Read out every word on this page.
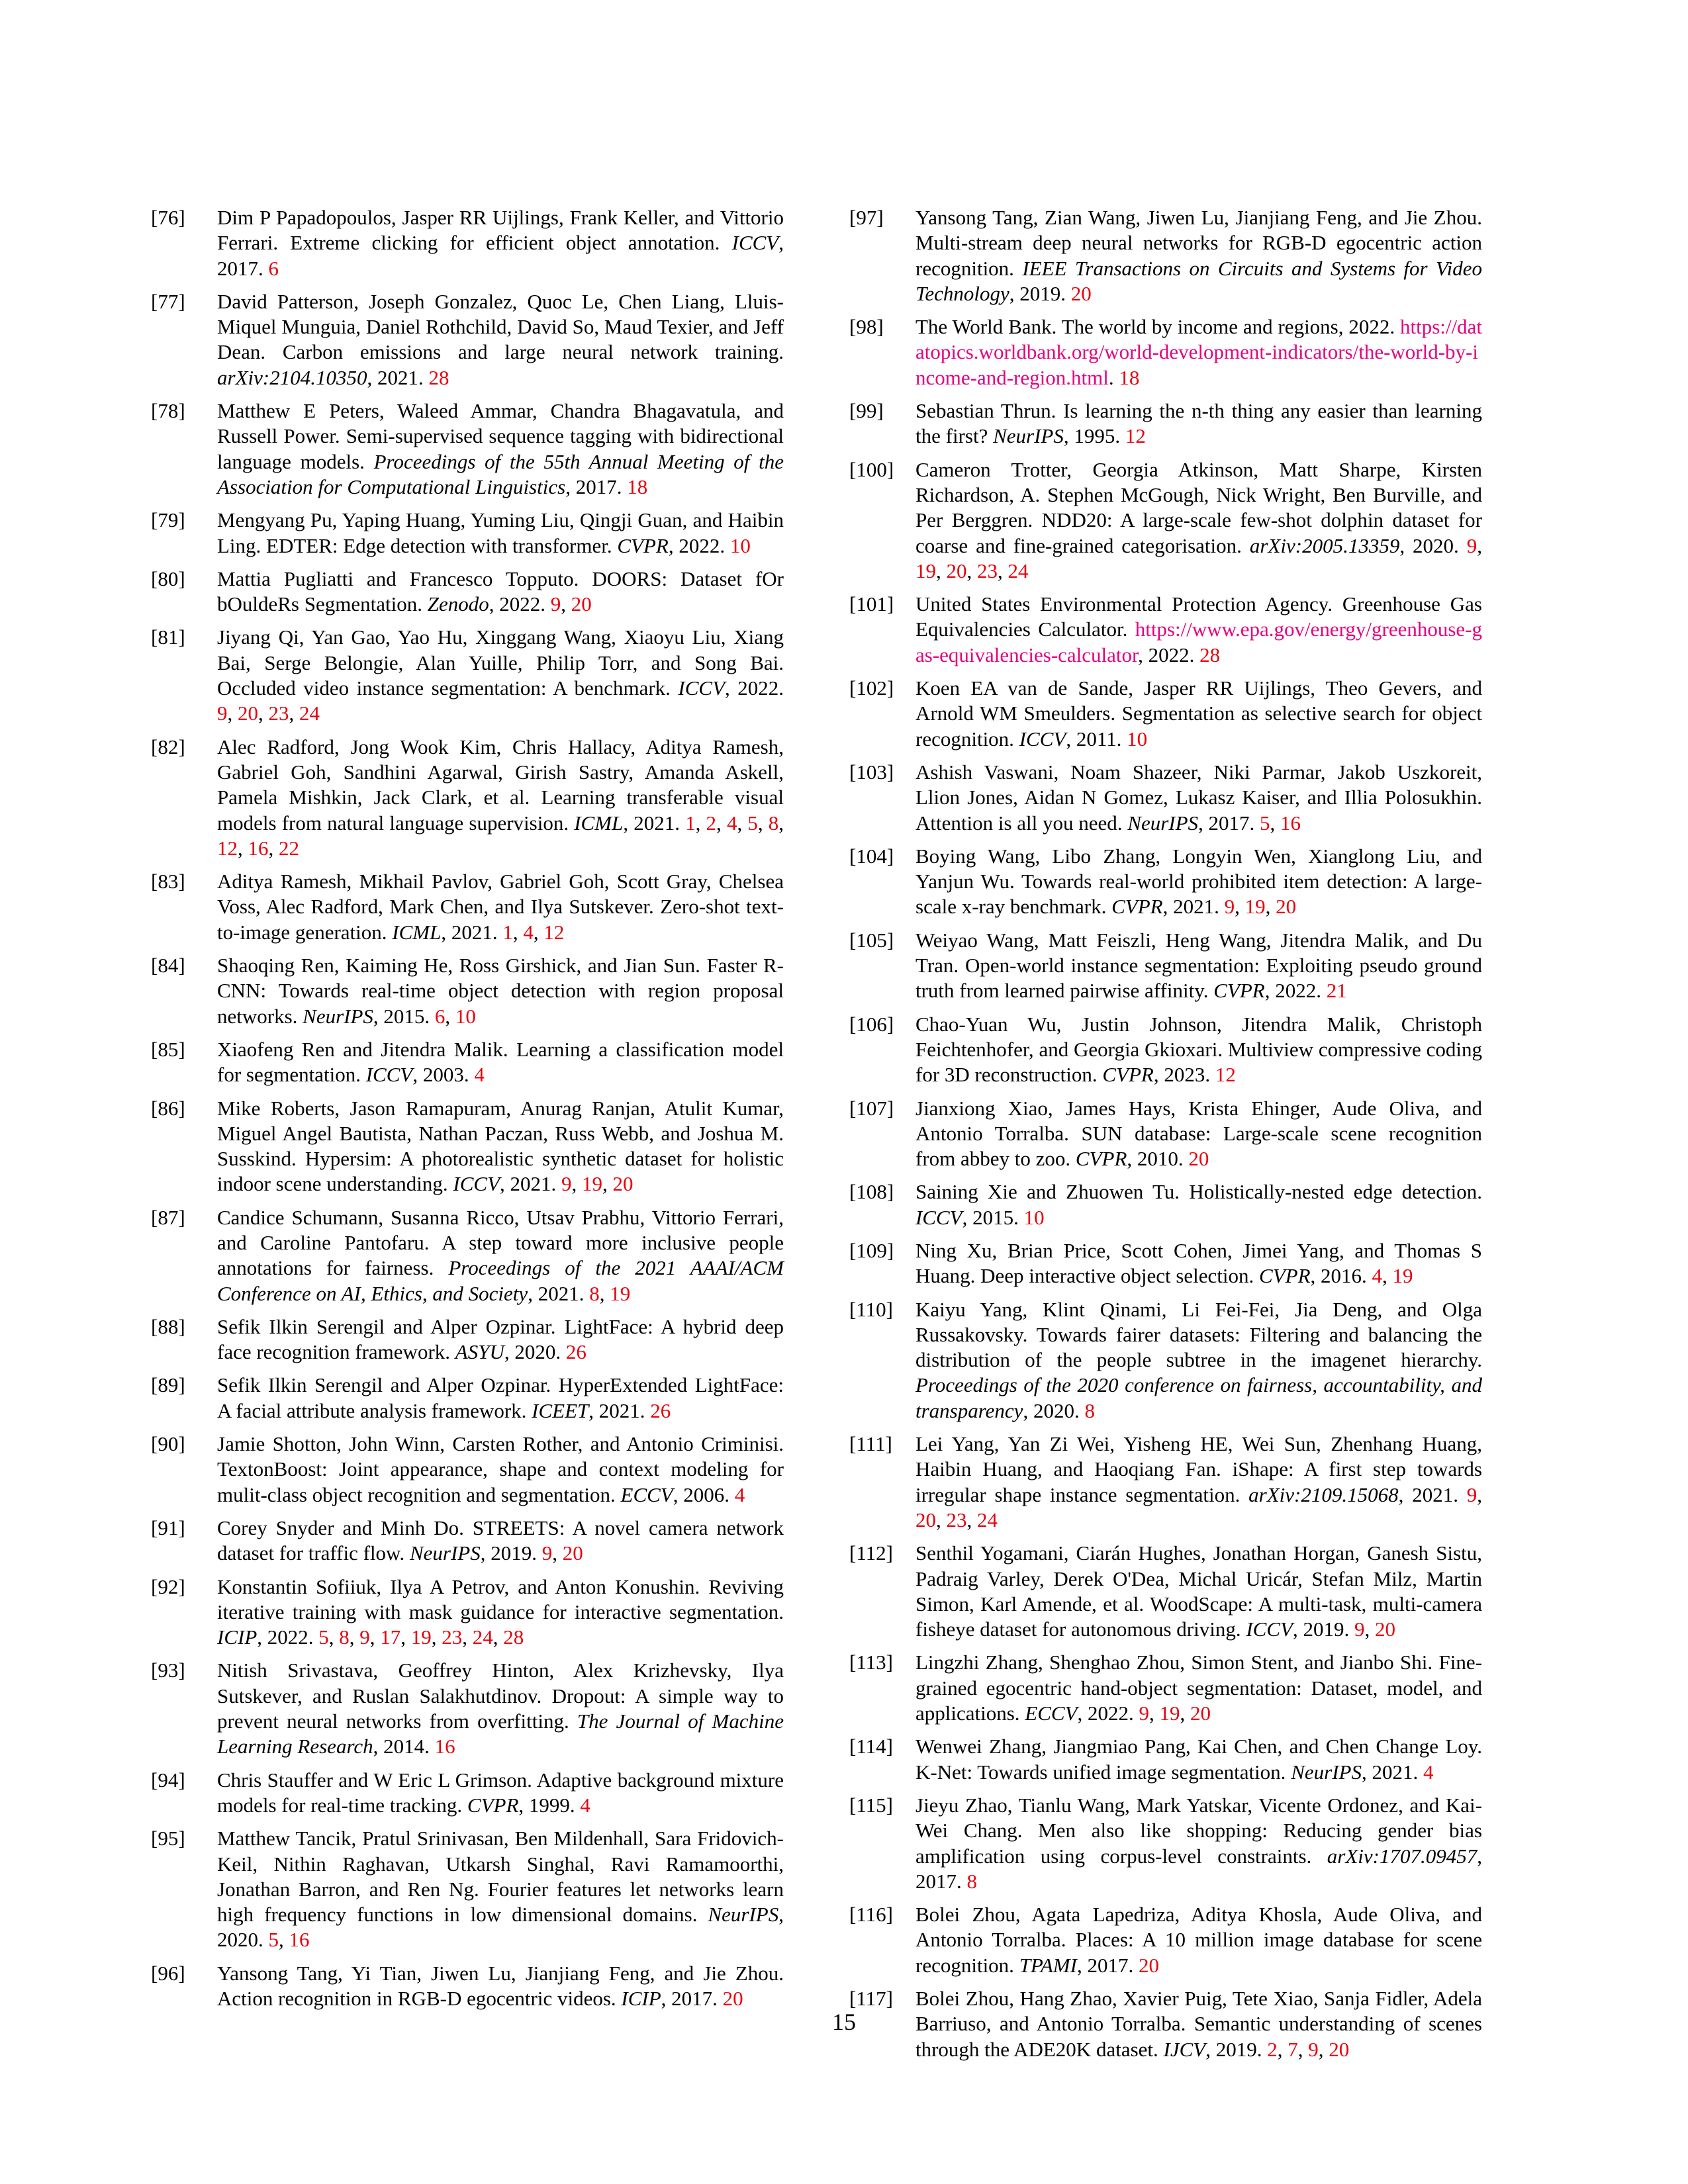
[76] Dim P Papadopoulos, Jasper RR Uijlings, Frank Keller, and Vittorio Ferrari. Extreme clicking for efficient object annotation. ICCV, 2017. 6
[77] David Patterson, Joseph Gonzalez, Quoc Le, Chen Liang, Lluis-Miquel Munguia, Daniel Rothchild, David So, Maud Texier, and Jeff Dean. Carbon emissions and large neural network training. arXiv:2104.10350, 2021. 28
[78] Matthew E Peters, Waleed Ammar, Chandra Bhagavatula, and Russell Power. Semi-supervised sequence tagging with bidirectional language models. Proceedings of the 55th Annual Meeting of the Association for Computational Linguistics, 2017. 18
[79] Mengyang Pu, Yaping Huang, Yuming Liu, Qingji Guan, and Haibin Ling. EDTER: Edge detection with transformer. CVPR, 2022. 10
[80] Mattia Pugliatti and Francesco Topputo. DOORS: Dataset fOr bOuldeRs Segmentation. Zenodo, 2022. 9, 20
[81] Jiyang Qi, Yan Gao, Yao Hu, Xinggang Wang, Xiaoyu Liu, Xiang Bai, Serge Belongie, Alan Yuille, Philip Torr, and Song Bai. Occluded video instance segmentation: A benchmark. ICCV, 2022. 9, 20, 23, 24
[82] Alec Radford, Jong Wook Kim, Chris Hallacy, Aditya Ramesh, Gabriel Goh, Sandhini Agarwal, Girish Sastry, Amanda Askell, Pamela Mishkin, Jack Clark, et al. Learning transferable visual models from natural language supervision. ICML, 2021. 1, 2, 4, 5, 8, 12, 16, 22
[83] Aditya Ramesh, Mikhail Pavlov, Gabriel Goh, Scott Gray, Chelsea Voss, Alec Radford, Mark Chen, and Ilya Sutskever. Zero-shot text-to-image generation. ICML, 2021. 1, 4, 12
[84] Shaoqing Ren, Kaiming He, Ross Girshick, and Jian Sun. Faster R-CNN: Towards real-time object detection with region proposal networks. NeurIPS, 2015. 6, 10
[85] Xiaofeng Ren and Jitendra Malik. Learning a classification model for segmentation. ICCV, 2003. 4
[86] Mike Roberts, Jason Ramapuram, Anurag Ranjan, Atulit Kumar, Miguel Angel Bautista, Nathan Paczan, Russ Webb, and Joshua M. Susskind. Hypersim: A photorealistic synthetic dataset for holistic indoor scene understanding. ICCV, 2021. 9, 19, 20
[87] Candice Schumann, Susanna Ricco, Utsav Prabhu, Vittorio Ferrari, and Caroline Pantofaru. A step toward more inclusive people annotations for fairness. Proceedings of the 2021 AAAI/ACM Conference on AI, Ethics, and Society, 2021. 8, 19
[88] Sefik Ilkin Serengil and Alper Ozpinar. LightFace: A hybrid deep face recognition framework. ASYU, 2020. 26
[89] Sefik Ilkin Serengil and Alper Ozpinar. HyperExtended LightFace: A facial attribute analysis framework. ICEET, 2021. 26
[90] Jamie Shotton, John Winn, Carsten Rother, and Antonio Criminisi. TextonBoost: Joint appearance, shape and context modeling for mulit-class object recognition and segmentation. ECCV, 2006. 4
[91] Corey Snyder and Minh Do. STREETS: A novel camera network dataset for traffic flow. NeurIPS, 2019. 9, 20
[92] Konstantin Sofiiuk, Ilya A Petrov, and Anton Konushin. Reviving iterative training with mask guidance for interactive segmentation. ICIP, 2022. 5, 8, 9, 17, 19, 23, 24, 28
[93] Nitish Srivastava, Geoffrey Hinton, Alex Krizhevsky, Ilya Sutskever, and Ruslan Salakhutdinov. Dropout: A simple way to prevent neural networks from overfitting. The Journal of Machine Learning Research, 2014. 16
[94] Chris Stauffer and W Eric L Grimson. Adaptive background mixture models for real-time tracking. CVPR, 1999. 4
[95] Matthew Tancik, Pratul Srinivasan, Ben Mildenhall, Sara Fridovich-Keil, Nithin Raghavan, Utkarsh Singhal, Ravi Ramamoorthi, Jonathan Barron, and Ren Ng. Fourier features let networks learn high frequency functions in low dimensional domains. NeurIPS, 2020. 5, 16
[96] Yansong Tang, Yi Tian, Jiwen Lu, Jianjiang Feng, and Jie Zhou. Action recognition in RGB-D egocentric videos. ICIP, 2017. 20
[97] Yansong Tang, Zian Wang, Jiwen Lu, Jianjiang Feng, and Jie Zhou. Multi-stream deep neural networks for RGB-D egocentric action recognition. IEEE Transactions on Circuits and Systems for Video Technology, 2019. 20
[98] The World Bank. The world by income and regions, 2022. https://datatopics.worldbank.org/world-development-indicators/the-world-by-income-and-region.html. 18
[99] Sebastian Thrun. Is learning the n-th thing any easier than learning the first? NeurIPS, 1995. 12
[100] Cameron Trotter, Georgia Atkinson, Matt Sharpe, Kirsten Richardson, A. Stephen McGough, Nick Wright, Ben Burville, and Per Berggren. NDD20: A large-scale few-shot dolphin dataset for coarse and fine-grained categorisation. arXiv:2005.13359, 2020. 9, 19, 20, 23, 24
[101] United States Environmental Protection Agency. Greenhouse Gas Equivalencies Calculator. https://www.epa.gov/energy/greenhouse-gas-equivalencies-calculator, 2022. 28
[102] Koen EA van de Sande, Jasper RR Uijlings, Theo Gevers, and Arnold WM Smeulders. Segmentation as selective search for object recognition. ICCV, 2011. 10
[103] Ashish Vaswani, Noam Shazeer, Niki Parmar, Jakob Uszkoreit, Llion Jones, Aidan N Gomez, Lukasz Kaiser, and Illia Polosukhin. Attention is all you need. NeurIPS, 2017. 5, 16
[104] Boying Wang, Libo Zhang, Longyin Wen, Xianglong Liu, and Yanjun Wu. Towards real-world prohibited item detection: A large-scale x-ray benchmark. CVPR, 2021. 9, 19, 20
[105] Weiyao Wang, Matt Feiszli, Heng Wang, Jitendra Malik, and Du Tran. Open-world instance segmentation: Exploiting pseudo ground truth from learned pairwise affinity. CVPR, 2022. 21
[106] Chao-Yuan Wu, Justin Johnson, Jitendra Malik, Christoph Feichtenhofer, and Georgia Gkioxari. Multiview compressive coding for 3D reconstruction. CVPR, 2023. 12
[107] Jianxiong Xiao, James Hays, Krista Ehinger, Aude Oliva, and Antonio Torralba. SUN database: Large-scale scene recognition from abbey to zoo. CVPR, 2010. 20
[108] Saining Xie and Zhuowen Tu. Holistically-nested edge detection. ICCV, 2015. 10
[109] Ning Xu, Brian Price, Scott Cohen, Jimei Yang, and Thomas S Huang. Deep interactive object selection. CVPR, 2016. 4, 19
[110] Kaiyu Yang, Klint Qinami, Li Fei-Fei, Jia Deng, and Olga Russakovsky. Towards fairer datasets: Filtering and balancing the distribution of the people subtree in the imagenet hierarchy. Proceedings of the 2020 conference on fairness, accountability, and transparency, 2020. 8
[111] Lei Yang, Yan Zi Wei, Yisheng HE, Wei Sun, Zhenhang Huang, Haibin Huang, and Haoqiang Fan. iShape: A first step towards irregular shape instance segmentation. arXiv:2109.15068, 2021. 9, 20, 23, 24
[112] Senthil Yogamani, Ciarán Hughes, Jonathan Horgan, Ganesh Sistu, Padraig Varley, Derek O'Dea, Michal Uricár, Stefan Milz, Martin Simon, Karl Amende, et al. WoodScape: A multi-task, multi-camera fisheye dataset for autonomous driving. ICCV, 2019. 9, 20
[113] Lingzhi Zhang, Shenghao Zhou, Simon Stent, and Jianbo Shi. Fine-grained egocentric hand-object segmentation: Dataset, model, and applications. ECCV, 2022. 9, 19, 20
[114] Wenwei Zhang, Jiangmiao Pang, Kai Chen, and Chen Change Loy. K-Net: Towards unified image segmentation. NeurIPS, 2021. 4
[115] Jieyu Zhao, Tianlu Wang, Mark Yatskar, Vicente Ordonez, and Kai-Wei Chang. Men also like shopping: Reducing gender bias amplification using corpus-level constraints. arXiv:1707.09457, 2017. 8
[116] Bolei Zhou, Agata Lapedriza, Aditya Khosla, Aude Oliva, and Antonio Torralba. Places: A 10 million image database for scene recognition. TPAMI, 2017. 20
[117] Bolei Zhou, Hang Zhao, Xavier Puig, Tete Xiao, Sanja Fidler, Adela Barriuso, and Antonio Torralba. Semantic understanding of scenes through the ADE20K dataset. IJCV, 2019. 2, 7, 9, 20
15
